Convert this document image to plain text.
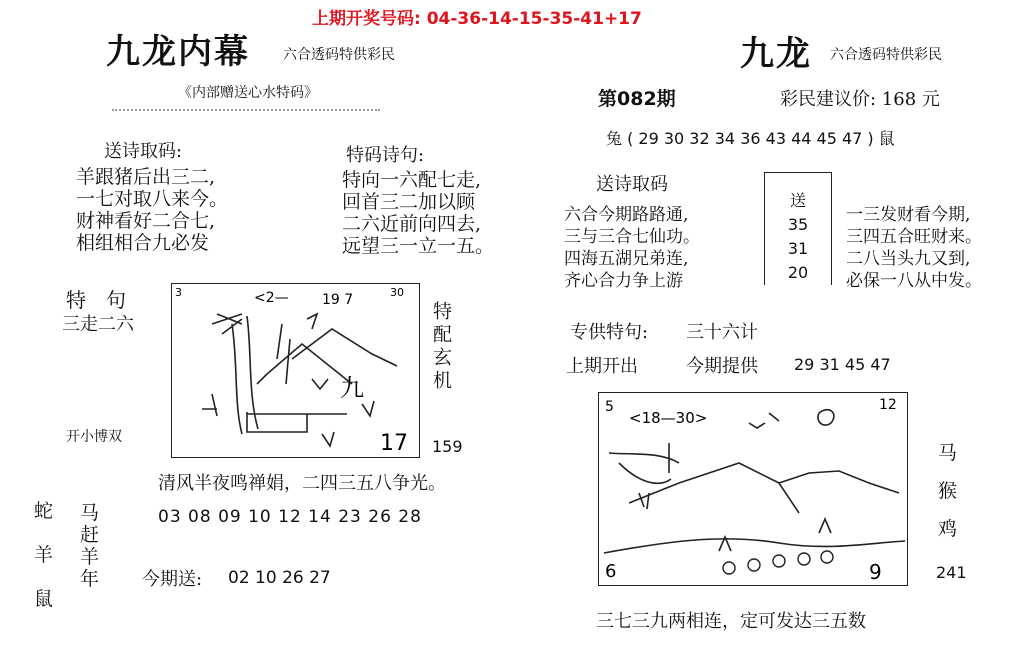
上期开奖号码: 04-36-14-15-35-41+17
九龙内幕 六合透码特供彩民
《内部赠送心水特码》
送诗取码:
羊跟猪后出三二,
一七对取八来今。
财神看好二合七,
相组相合九必发
特码诗句:
特向一六配七走,
回首三二加以顾
二六近前向四去,
远望三一立一五。
特　句
三走二六
开小博双
3	<2— 19 7	30
九
17
特配玄机
159
清风半夜鸣禅娟，二四三五八争光。
蛇
羊
鼠
马
赶
羊
年
03 08 09 10 12 14 23 26 28
今期送: 02 10 26 27
九龙 六合透码特供彩民
第082期	彩民建议价: 168 元
兔 ( 29 30 32 34 36 43 44 45 47 ) 鼠
送诗取码
六合今期路路通,
三与三合七仙功。
四海五湖兄弟连,
齐心合力争上游
送
35
31
20
一三发财看今期,
三四五合旺财来。
二八当头九又到,
必保一八从中发。
专供特句: 三十六计
上期开出	今期提供 29 31 45 47
5
<18—30>
12
6	9
马
猴
鸡
241
三七三九两相连，定可发达三五数
